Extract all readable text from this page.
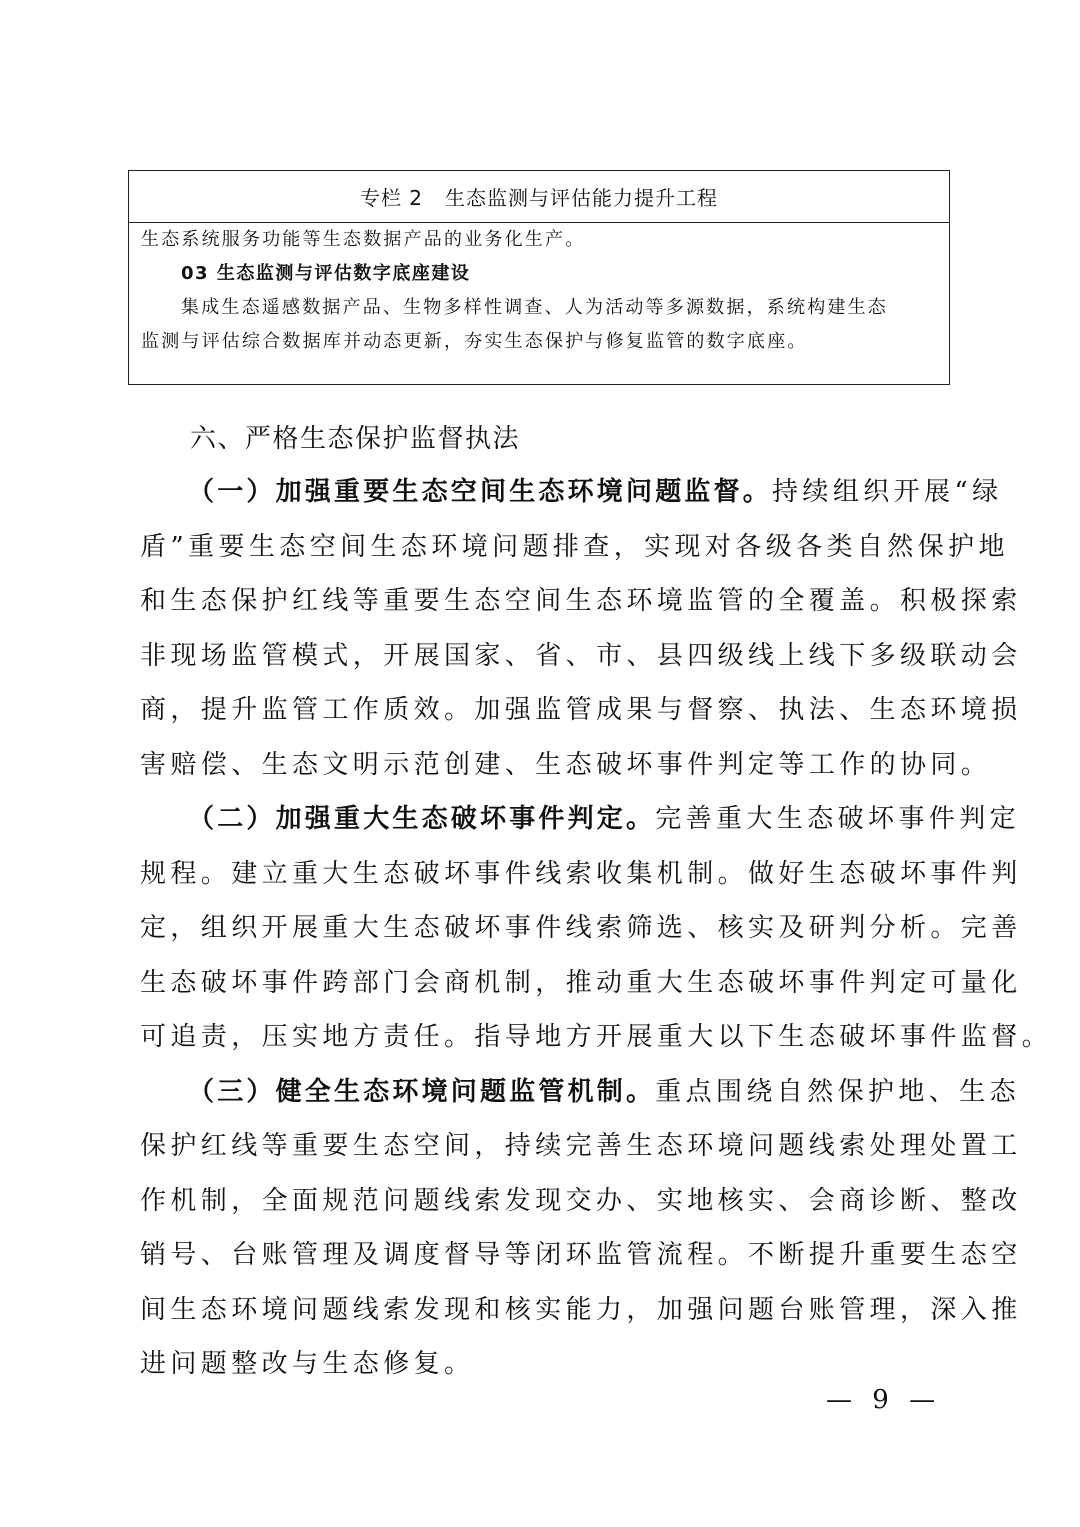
专栏 2 生态监测与评估能力提升工程
生态系统服务功能等生态数据产品的业务化生产。
03 生态监测与评估数字底座建设
集成生态遥感数据产品、生物多样性调查、人为活动等多源数据，系统构建生态
监测与评估综合数据库并动态更新，夯实生态保护与修复监管的数字底座。
六、严格生态保护监督执法
（一）加强重要生态空间生态环境问题监督。持续组织开展“绿
盾”重要生态空间生态环境问题排查，实现对各级各类自然保护地
和生态保护红线等重要生态空间生态环境监管的全覆盖。积极探索
非现场监管模式，开展国家、省、市、县四级线上线下多级联动会
商，提升监管工作质效。加强监管成果与督察、执法、生态环境损
害赔偿、生态文明示范创建、生态破坏事件判定等工作的协同。
（二）加强重大生态破坏事件判定。完善重大生态破坏事件判定
规程。建立重大生态破坏事件线索收集机制。做好生态破坏事件判
定，组织开展重大生态破坏事件线索筛选、核实及研判分析。完善
生态破坏事件跨部门会商机制，推动重大生态破坏事件判定可量化
可追责，压实地方责任。指导地方开展重大以下生态破坏事件监督。
（三）健全生态环境问题监管机制。重点围绕自然保护地、生态
保护红线等重要生态空间，持续完善生态环境问题线索处理处置工
作机制，全面规范问题线索发现交办、实地核实、会商诊断、整改
销号、台账管理及调度督导等闭环监管流程。不断提升重要生态空
间生态环境问题线索发现和核实能力，加强问题台账管理，深入推
进问题整改与生态修复。
— 9 —
